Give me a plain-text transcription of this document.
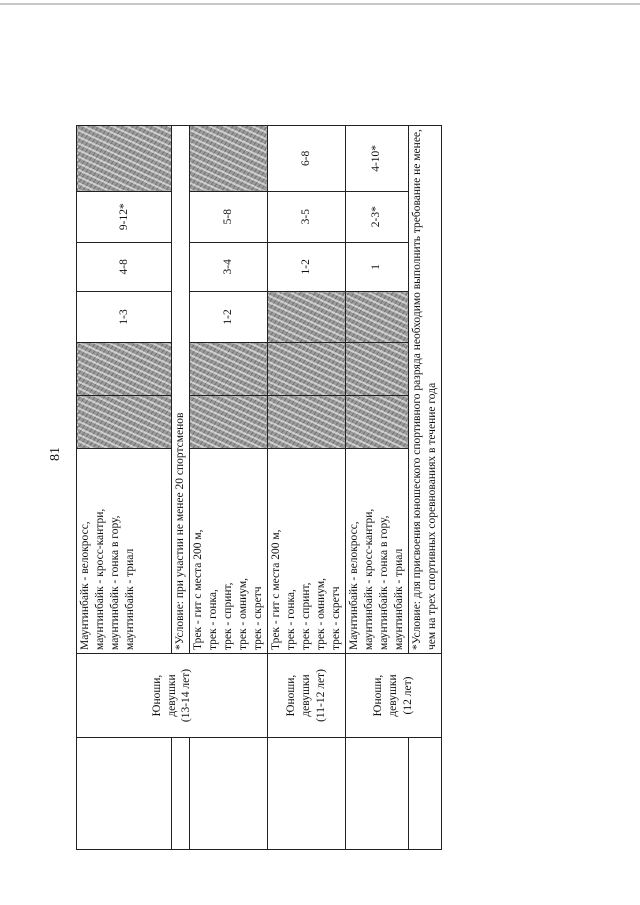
81

	Юноши, девушки (13-14 лет)	Маунтинбайк - велокросс, маунтинбайк - кросс-кантри, маунтинбайк - гонка в гору, маунтинбайк - триал			1-3	4-8	9-12*	
		*Условие: при участии не менее 20 спортсменов						

		Трек - гит с места 200 м, трек - гонка, трек - спринт, трек - омниум, трек - скретч			1-2	3-4	5-8	

	Юноши, девушки (11-12 лет)	Трек - гит с места 200 м, трек - гонка, трек - спринт, трек - омниум, трек - скретч				1-2	3-5	6-8

	Юноши, девушки (12 лет)	Маунтинбайк - велокросс, маунтинбайк - кросс-кантри, маунтинбайк - гонка в гору, маунтинбайк - триал				1	2-3*	4-10*

		*Условие: для присвоения юношеского спортивного разряда необходимо выполнить требование не менее, чем на трех спортивных соревнованиях в течение года						
